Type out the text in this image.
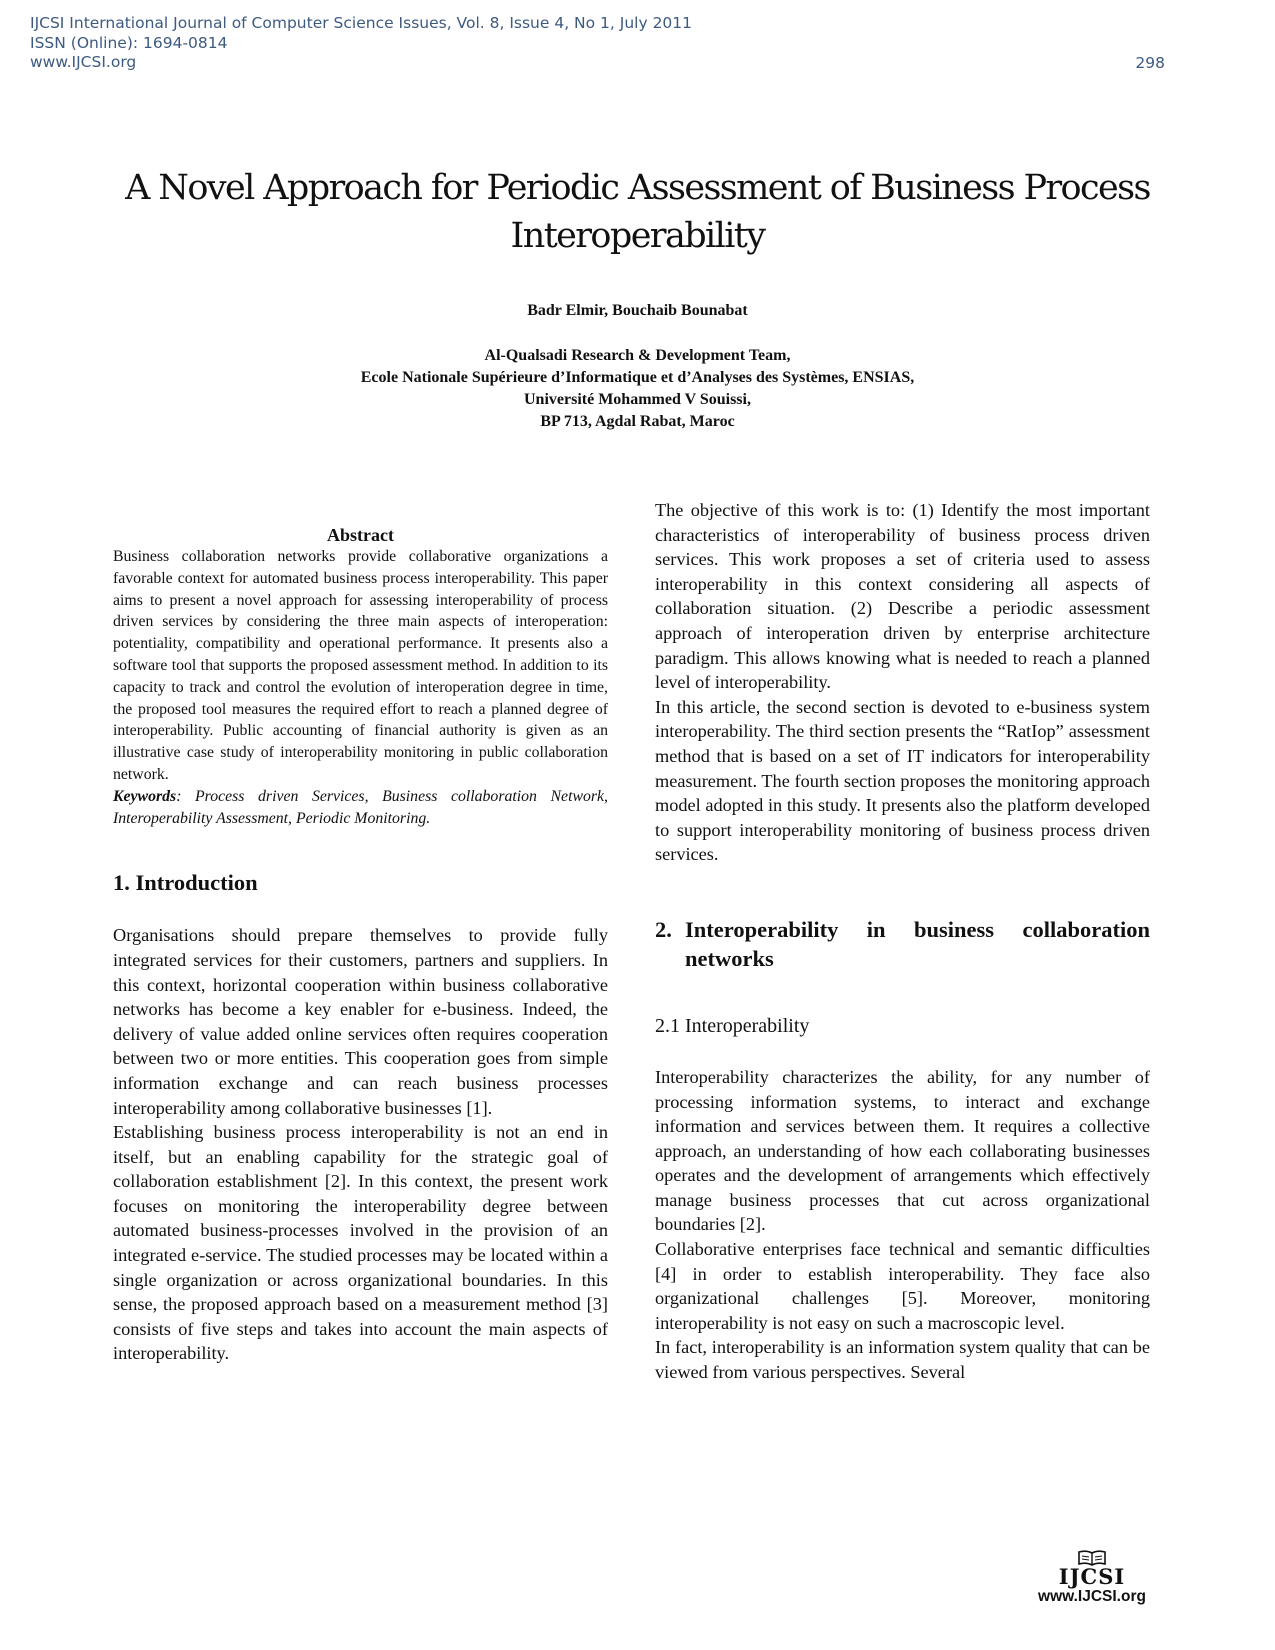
IJCSI International Journal of Computer Science Issues, Vol. 8, Issue 4, No 1, July 2011
ISSN (Online): 1694-0814
www.IJCSI.org	298
A Novel Approach for Periodic Assessment of Business Process
Interoperability
Badr Elmir, Bouchaib Bounabat
Al-Qualsadi Research & Development Team,
Ecole Nationale Supérieure d’Informatique et d’Analyses des Systèmes, ENSIAS,
Université Mohammed V Souissi,
BP 713, Agdal Rabat, Maroc
Abstract

Business collaboration networks provide collaborative organizations a favorable context for automated business process interoperability. This paper aims to present a novel approach for assessing interoperability of process driven services by considering the three main aspects of interoperation: potentiality, compatibility and operational performance. It presents also a software tool that supports the proposed assessment method. In addition to its capacity to track and control the evolution of interoperation degree in time, the proposed tool measures the required effort to reach a planned degree of interoperability. Public accounting of financial authority is given as an illustrative case study of interoperability monitoring in public collaboration network.

Keywords: Process driven Services, Business collaboration Network, Interoperability Assessment, Periodic Monitoring.

1. Introduction

Organisations should prepare themselves to provide fully integrated services for their customers, partners and suppliers. In this context, horizontal cooperation within business collaborative networks has become a key enabler for e-business. Indeed, the delivery of value added online services often requires cooperation between two or more entities. This cooperation goes from simple information exchange and can reach business processes interoperability among collaborative businesses [1].

Establishing business process interoperability is not an end in itself, but an enabling capability for the strategic goal of collaboration establishment [2]. In this context, the present work focuses on monitoring the interoperability degree between automated business-processes involved in the provision of an integrated e-service. The studied processes may be located within a single organization or across organizational boundaries. In this sense, the proposed approach based on a measurement method [3] consists of five steps and takes into account the main aspects of interoperability.

The objective of this work is to: (1) Identify the most important characteristics of interoperability of business process driven services. This work proposes a set of criteria used to assess interoperability in this context considering all aspects of collaboration situation. (2) Describe a periodic assessment approach of interoperation driven by enterprise architecture paradigm. This allows knowing what is needed to reach a planned level of interoperability.

In this article, the second section is devoted to e-business system interoperability. The third section presents the “RatIop” assessment method that is based on a set of IT indicators for interoperability measurement. The fourth section proposes the monitoring approach model adopted in this study. It presents also the platform developed to support interoperability monitoring of business process driven services.

2. Interoperability in business collaboration networks
2.1 Interoperability

Interoperability characterizes the ability, for any number of processing information systems, to interact and exchange information and services between them. It requires a collective approach, an understanding of how each collaborating businesses operates and the development of arrangements which effectively manage business processes that cut across organizational boundaries [2].

Collaborative enterprises face technical and semantic difficulties [4] in order to establish interoperability. They face also organizational challenges [5]. Moreover, monitoring interoperability is not easy on such a macroscopic level.

In fact, interoperability is an information system quality that can be viewed from various perspectives. Several

IJCSI
www.IJCSI.org
